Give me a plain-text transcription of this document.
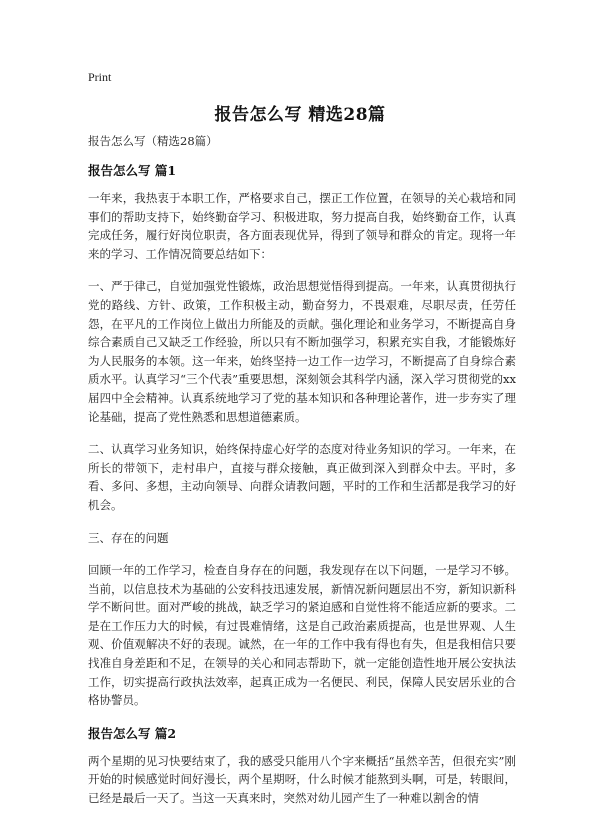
Print
报告怎么写 精选28篇
报告怎么写（精选28篇）
报告怎么写 篇1

一年来，我热衷于本职工作，严格要求自己，摆正工作位置，在领导的关心栽培和同事们的帮助支持下，始终勤奋学习、积极进取，努力提高自我，始终勤奋工作，认真完成任务，履行好岗位职责，各方面表现优异，得到了领导和群众的肯定。现将一年来的学习、工作情况简要总结如下：

一、严于律己，自觉加强党性锻炼，政治思想觉悟得到提高。一年来，认真贯彻执行党的路线、方针、政策，工作积极主动，勤奋努力，不畏艰难，尽职尽责，任劳任怨，在平凡的工作岗位上做出力所能及的贡献。强化理论和业务学习，不断提高自身综合素质自己又缺乏工作经验，所以只有不断加强学习，积累充实自我，才能锻炼好为人民服务的本领。这一年来，始终坚持一边工作一边学习，不断提高了自身综合素质水平。认真学习“三个代表”重要思想，深刻领会其科学内涵，深入学习贯彻党的xx届四中全会精神。认真系统地学习了党的基本知识和各种理论著作，进一步夯实了理论基础，提高了党性熟悉和思想道德素质。

二、认真学习业务知识，始终保持虚心好学的态度对待业务知识的学习。一年来，在所长的带领下，走村串户，直接与群众接触，真正做到深入到群众中去。平时，多看、多问、多想，主动向领导、向群众请教问题，平时的工作和生活都是我学习的好机会。

三、存在的问题

回顾一年的工作学习，检查自身存在的问题，我发现存在以下问题，一是学习不够。当前，以信息技术为基础的公安科技迅速发展，新情况新问题层出不穷，新知识新科学不断问世。面对严峻的挑战，缺乏学习的紧迫感和自觉性将不能适应新的要求。二是在工作压力大的时候，有过畏难情绪，这是自己政治素质提高，也是世界观、人生观、价值观解决不好的表现。诚然，在一年的工作中我有得也有失，但是我相信只要找准自身差距和不足，在领导的关心和同志帮助下，就一定能创造性地开展公安执法工作，切实提高行政执法效率，起真正成为一名便民、利民，保障人民安居乐业的合格协警员。

报告怎么写 篇2

两个星期的见习快要结束了，我的感受只能用八个字来概括“虽然辛苦，但很充实”刚开始的时候感觉时间好漫长，两个星期呀，什么时候才能熬到头啊，可是，转眼间，已经是最后一天了。当这一天真来时，突然对幼儿园产生了一种难以割舍的情
